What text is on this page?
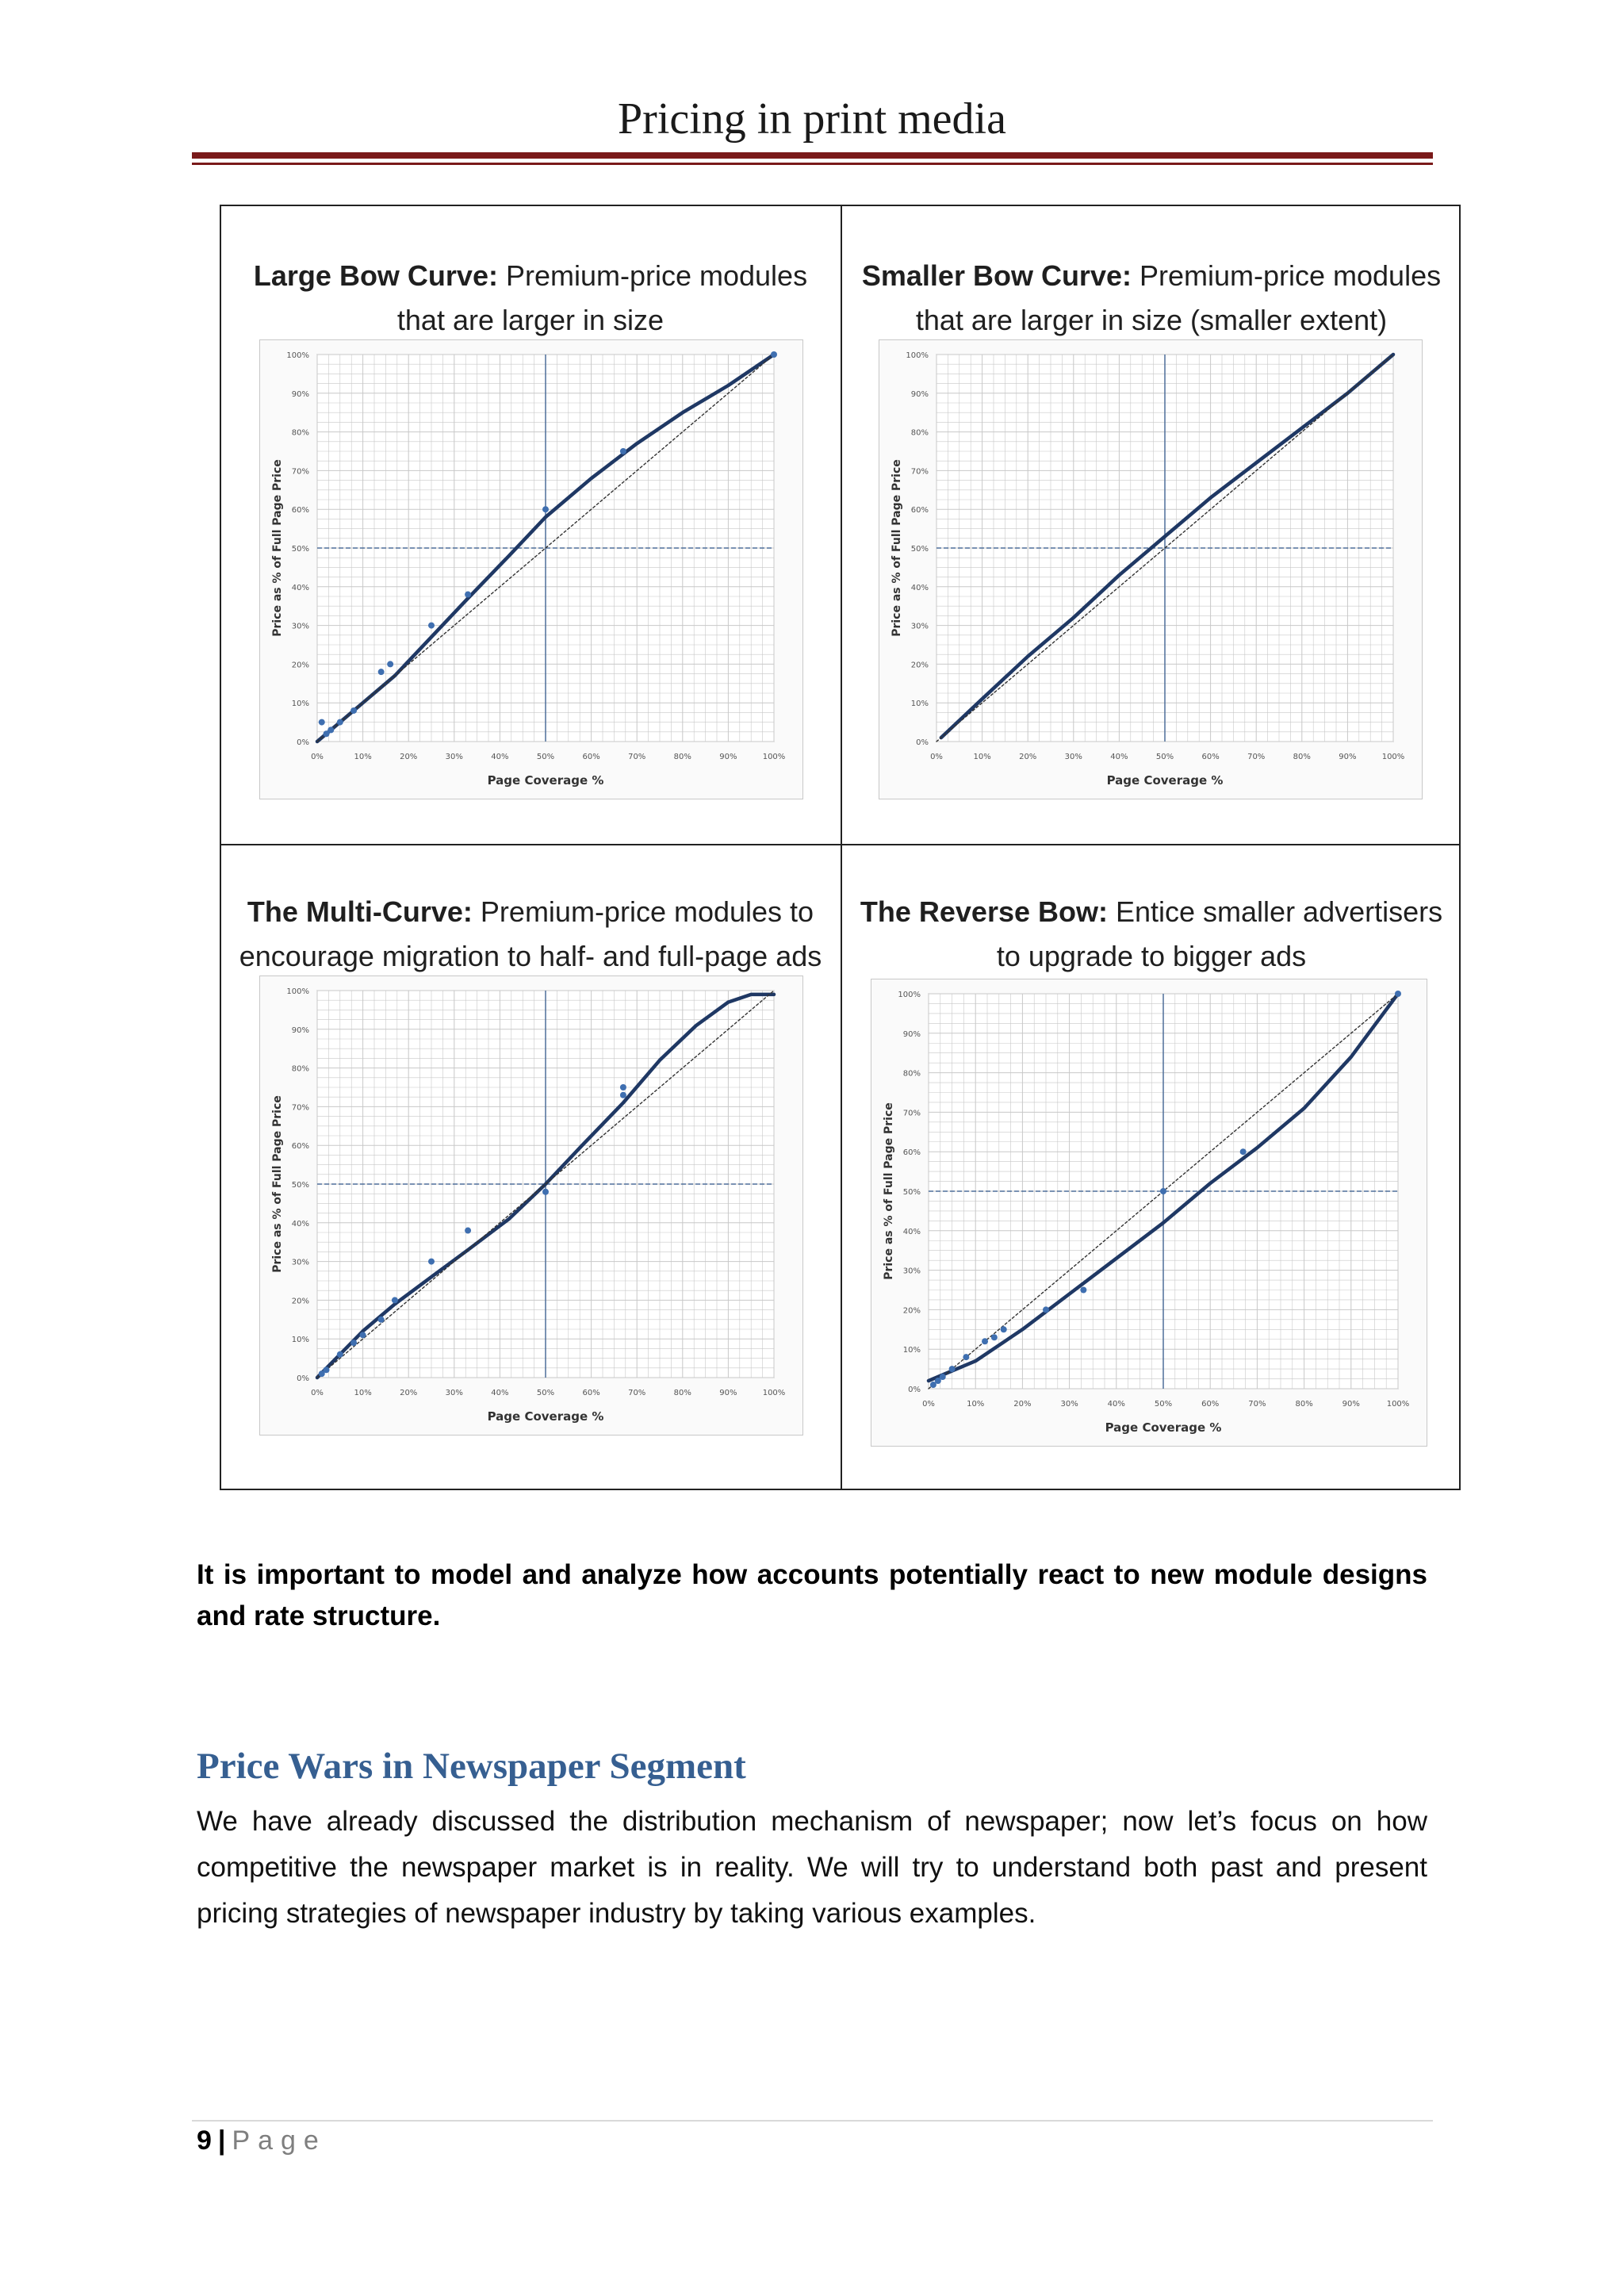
Pricing in print media
Large Bow Curve: Premium-price modules that are larger in size
0%	10%	20%	30%	40%	50%	60%	70%	80%	90%	100%
0%
10%
20%
30%
40%
50%
60%
70%
80%
90%
100%
Page Coverage %
Price as % of Full Page Price
Smaller Bow Curve: Premium-price modules that are larger in size (smaller extent)
0%	10%	20%	30%	40%	50%	60%	70%	80%	90%	100%
0%
10%
20%
30%
40%
50%
60%
70%
80%
90%
100%
Page Coverage %
Price as % of Full Page Price
The Multi-Curve: Premium-price modules to encourage migration to half- and full-page ads
0%	10%	20%	30%	40%	50%	60%	70%	80%	90%	100%
0%
10%
20%
30%
40%
50%
60%
70%
80%
90%
100%
Page Coverage %
Price as % of Full Page Price
The Reverse Bow: Entice smaller advertisers to upgrade to bigger ads
0%	10%	20%	30%	40%	50%	60%	70%	80%	90%	100%
0%
10%
20%
30%
40%
50%
60%
70%
80%
90%
100%
Page Coverage %
Price as % of Full Page Price
It is important to model and analyze how accounts potentially react to new module designs and rate structure.
Price Wars in Newspaper Segment
We have already discussed the distribution mechanism of newspaper; now let’s focus on how competitive the newspaper market is in reality. We will try to understand both past and present pricing strategies of newspaper industry by taking various examples.
9 | Page
